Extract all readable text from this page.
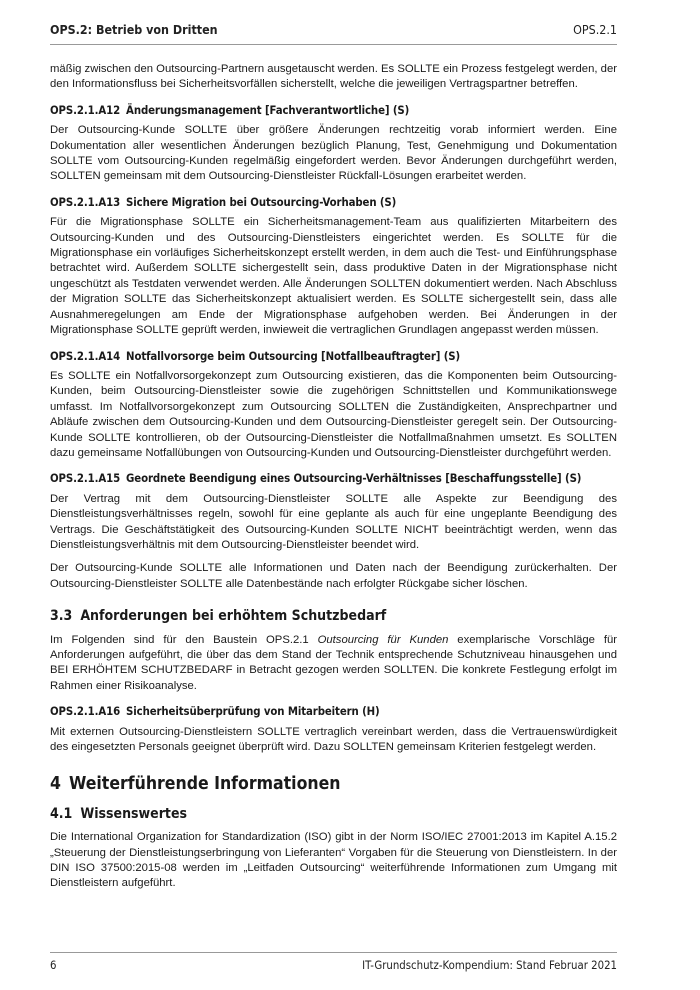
OPS.2: Betrieb von Dritten	OPS.2.1

mäßig zwischen den Outsourcing-Partnern ausgetauscht werden. Es SOLLTE ein Prozess festgelegt werden, der den Informationsfluss bei Sicherheitsvorfällen sicherstellt, welche die jeweiligen Vertragspartner betreffen.

OPS.2.1.A12 Änderungsmanagement [Fachverantwortliche] (S)

Der Outsourcing-Kunde SOLLTE über größere Änderungen rechtzeitig vorab informiert werden. Eine Dokumentation aller wesentlichen Änderungen bezüglich Planung, Test, Genehmigung und Dokumentation SOLLTE vom Outsourcing-Kunden regelmäßig eingefordert werden. Bevor Änderungen durchgeführt werden, SOLLTEN gemeinsam mit dem Outsourcing-Dienstleister Rückfall-Lösungen erarbeitet werden.

OPS.2.1.A13 Sichere Migration bei Outsourcing-Vorhaben (S)

Für die Migrationsphase SOLLTE ein Sicherheitsmanagement-Team aus qualifizierten Mitarbeitern des Outsourcing-Kunden und des Outsourcing-Dienstleisters eingerichtet werden. Es SOLLTE für die Migrationsphase ein vorläufiges Sicherheitskonzept erstellt werden, in dem auch die Test- und Einführungsphase betrachtet wird. Außerdem SOLLTE sichergestellt sein, dass produktive Daten in der Migrationsphase nicht ungeschützt als Testdaten verwendet werden. Alle Änderungen SOLLTEN dokumentiert werden. Nach Abschluss der Migration SOLLTE das Sicherheitskonzept aktualisiert werden. Es SOLLTE sichergestellt sein, dass alle Ausnahmeregelungen am Ende der Migrationsphase aufgehoben werden. Bei Änderungen in der Migrationsphase SOLLTE geprüft werden, inwieweit die vertraglichen Grundlagen angepasst werden müssen.

OPS.2.1.A14 Notfallvorsorge beim Outsourcing [Notfallbeauftragter] (S)

Es SOLLTE ein Notfallvorsorgekonzept zum Outsourcing existieren, das die Komponenten beim Outsourcing-Kunden, beim Outsourcing-Dienstleister sowie die zugehörigen Schnittstellen und Kommunikationswege umfasst. Im Notfallvorsorgekonzept zum Outsourcing SOLLTEN die Zuständigkeiten, Ansprechpartner und Abläufe zwischen dem Outsourcing-Kunden und dem Outsourcing-Dienstleister geregelt sein. Der Outsourcing-Kunde SOLLTE kontrollieren, ob der Outsourcing-Dienstleister die Notfallmaßnahmen umsetzt. Es SOLLTEN dazu gemeinsame Notfallübungen von Outsourcing-Kunden und Outsourcing-Dienstleister durchgeführt werden.

OPS.2.1.A15 Geordnete Beendigung eines Outsourcing-Verhältnisses [Beschaffungsstelle] (S)

Der Vertrag mit dem Outsourcing-Dienstleister SOLLTE alle Aspekte zur Beendigung des Dienstleistungsverhältnisses regeln, sowohl für eine geplante als auch für eine ungeplante Beendigung des Vertrags. Die Geschäftstätigkeit des Outsourcing-Kunden SOLLTE NICHT beeinträchtigt werden, wenn das Dienstleistungsverhältnis mit dem Outsourcing-Dienstleister beendet wird.

Der Outsourcing-Kunde SOLLTE alle Informationen und Daten nach der Beendigung zurückerhalten. Der Outsourcing-Dienstleister SOLLTE alle Datenbestände nach erfolgter Rückgabe sicher löschen.

3.3 Anforderungen bei erhöhtem Schutzbedarf

Im Folgenden sind für den Baustein OPS.2.1 Outsourcing für Kunden exemplarische Vorschläge für Anforderungen aufgeführt, die über das dem Stand der Technik entsprechende Schutzniveau hinausgehen und BEI ERHÖHTEM SCHUTZBEDARF in Betracht gezogen werden SOLLTEN. Die konkrete Festlegung erfolgt im Rahmen einer Risikoanalyse.

OPS.2.1.A16 Sicherheitsüberprüfung von Mitarbeitern (H)

Mit externen Outsourcing-Dienstleistern SOLLTE vertraglich vereinbart werden, dass die Vertrauenswürdigkeit des eingesetzten Personals geeignet überprüft wird. Dazu SOLLTEN gemeinsam Kriterien festgelegt werden.

4 Weiterführende Informationen
4.1 Wissenswertes

Die International Organization for Standardization (ISO) gibt in der Norm ISO/IEC 27001:2013 im Kapitel A.15.2 „Steuerung der Dienstleistungserbringung von Lieferanten“ Vorgaben für die Steuerung von Dienstleistern. In der DIN ISO 37500:2015-08 werden im „Leitfaden Outsourcing“ weiterführende Informationen zum Umgang mit Dienstleistern aufgeführt.

6	IT-Grundschutz-Kompendium: Stand Februar 2021
